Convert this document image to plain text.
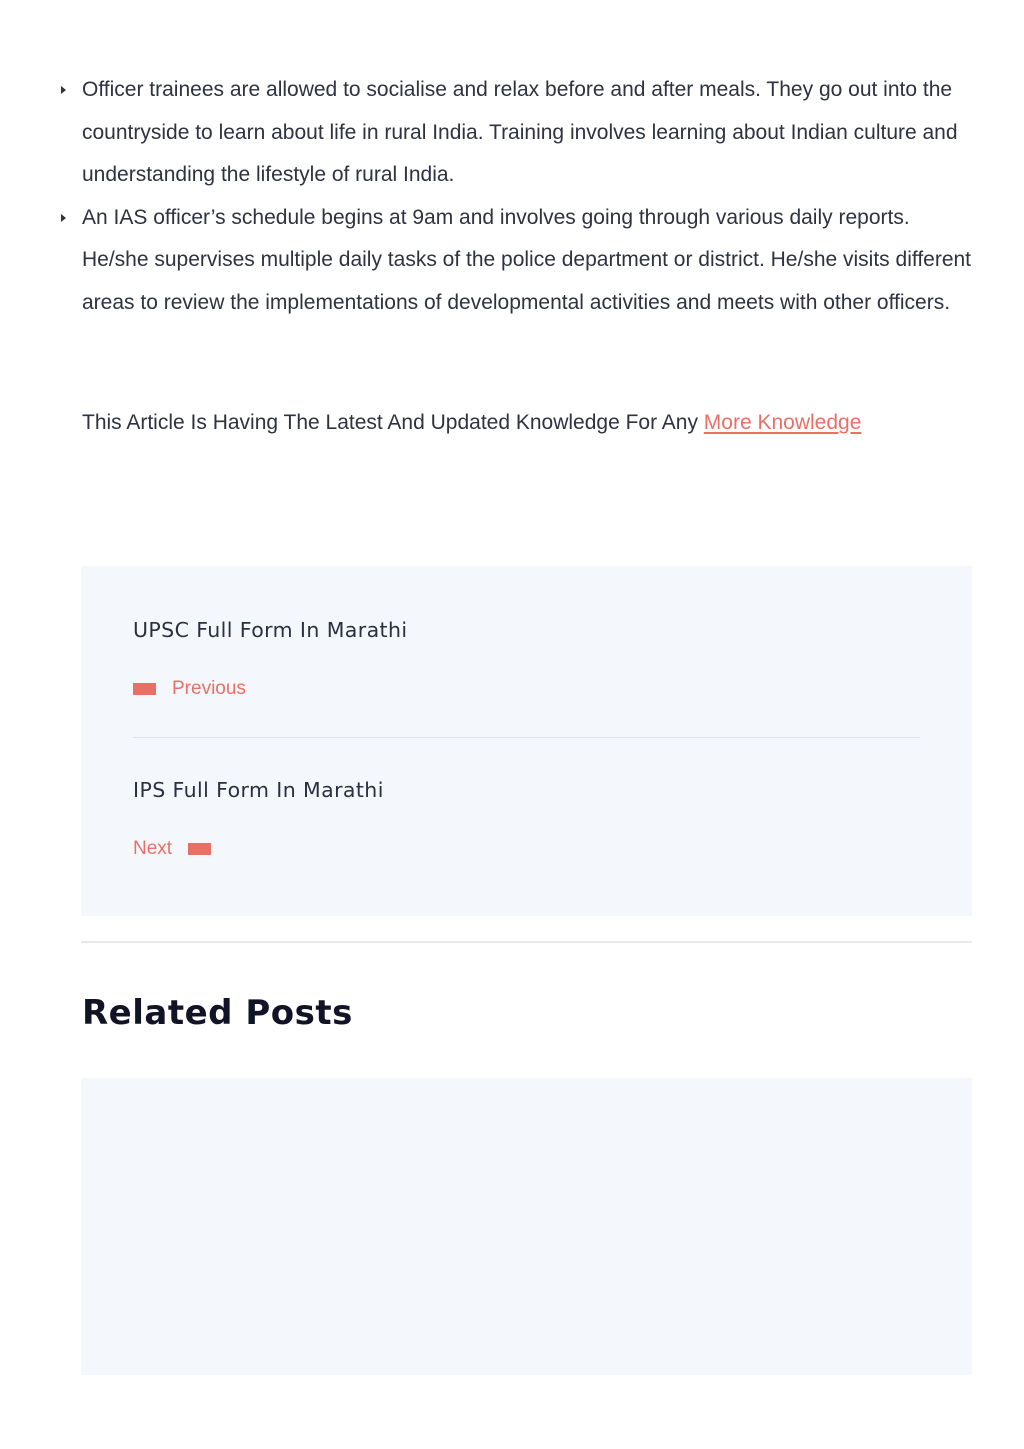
Officer trainees are allowed to socialise and relax before and after meals. They go out into the countryside to learn about life in rural India. Training involves learning about Indian culture and understanding the lifestyle of rural India.
An IAS officer’s schedule begins at 9am and involves going through various daily reports. He/she supervises multiple daily tasks of the police department or district. He/she visits different areas to review the implementations of developmental activities and meets with other officers.

This Article Is Having The Latest And Updated Knowledge For Any More Knowledge

UPSC Full Form In Marathi
Previous
IPS Full Form In Marathi
Next
Related Posts
